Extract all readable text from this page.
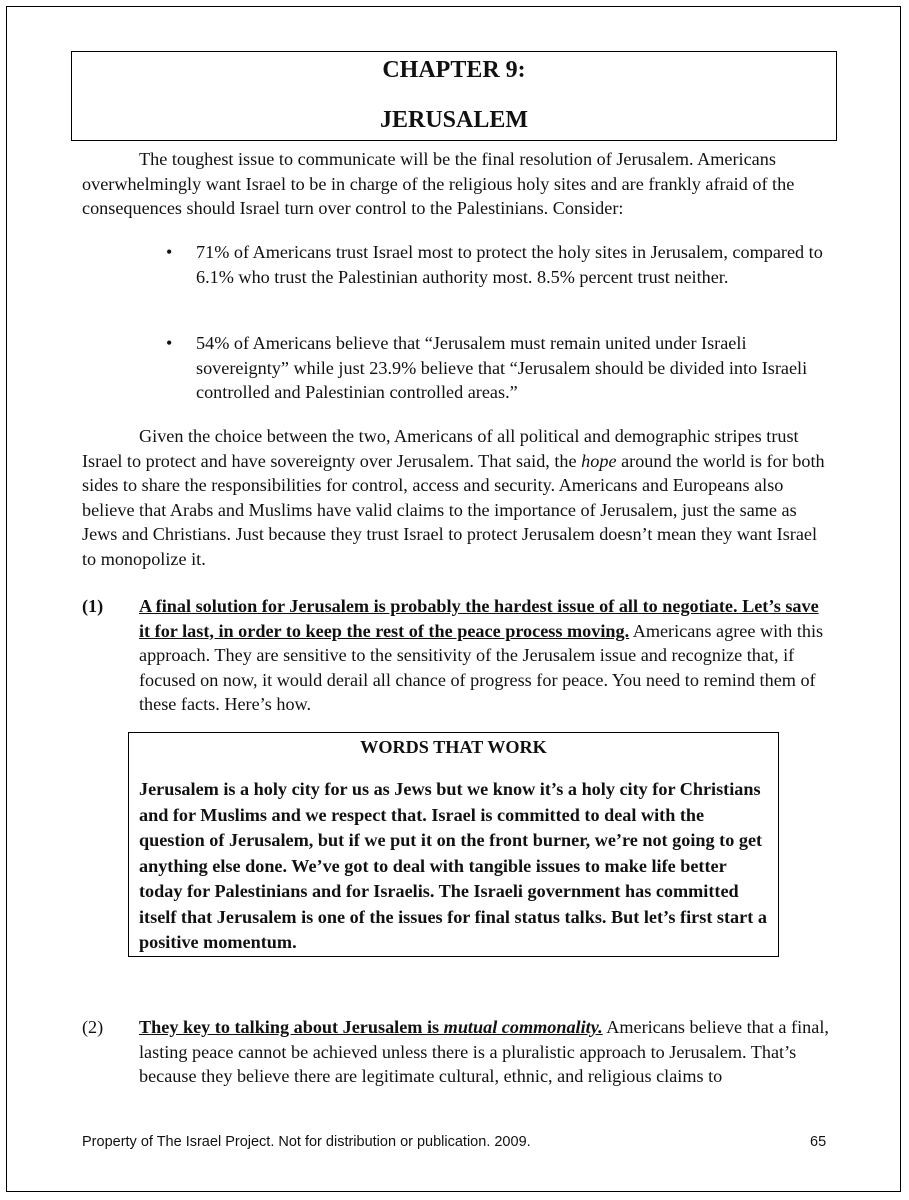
CHAPTER 9:
JERUSALEM
The toughest issue to communicate will be the final resolution of Jerusalem. Americans overwhelmingly want Israel to be in charge of the religious holy sites and are frankly afraid of the consequences should Israel turn over control to the Palestinians. Consider:
• 71% of Americans trust Israel most to protect the holy sites in Jerusalem, compared to 6.1% who trust the Palestinian authority most. 8.5% percent trust neither.
• 54% of Americans believe that “Jerusalem must remain united under Israeli sovereignty” while just 23.9% believe that “Jerusalem should be divided into Israeli controlled and Palestinian controlled areas.”
Given the choice between the two, Americans of all political and demographic stripes trust Israel to protect and have sovereignty over Jerusalem. That said, the hope around the world is for both sides to share the responsibilities for control, access and security. Americans and Europeans also believe that Arabs and Muslims have valid claims to the importance of Jerusalem, just the same as Jews and Christians. Just because they trust Israel to protect Jerusalem doesn’t mean they want Israel to monopolize it.
(1) A final solution for Jerusalem is probably the hardest issue of all to negotiate. Let’s save it for last, in order to keep the rest of the peace process moving. Americans agree with this approach. They are sensitive to the sensitivity of the Jerusalem issue and recognize that, if focused on now, it would derail all chance of progress for peace. You need to remind them of these facts. Here’s how.
WORDS THAT WORK
Jerusalem is a holy city for us as Jews but we know it’s a holy city for Christians and for Muslims and we respect that. Israel is committed to deal with the question of Jerusalem, but if we put it on the front burner, we’re not going to get anything else done. We’ve got to deal with tangible issues to make life better today for Palestinians and for Israelis. The Israeli government has committed itself that Jerusalem is one of the issues for final status talks. But let’s first start a positive momentum.
(2) They key to talking about Jerusalem is mutual commonality. Americans believe that a final, lasting peace cannot be achieved unless there is a pluralistic approach to Jerusalem. That’s because they believe there are legitimate cultural, ethnic, and religious claims to
Property of The Israel Project. Not for distribution or publication. 2009.	65
